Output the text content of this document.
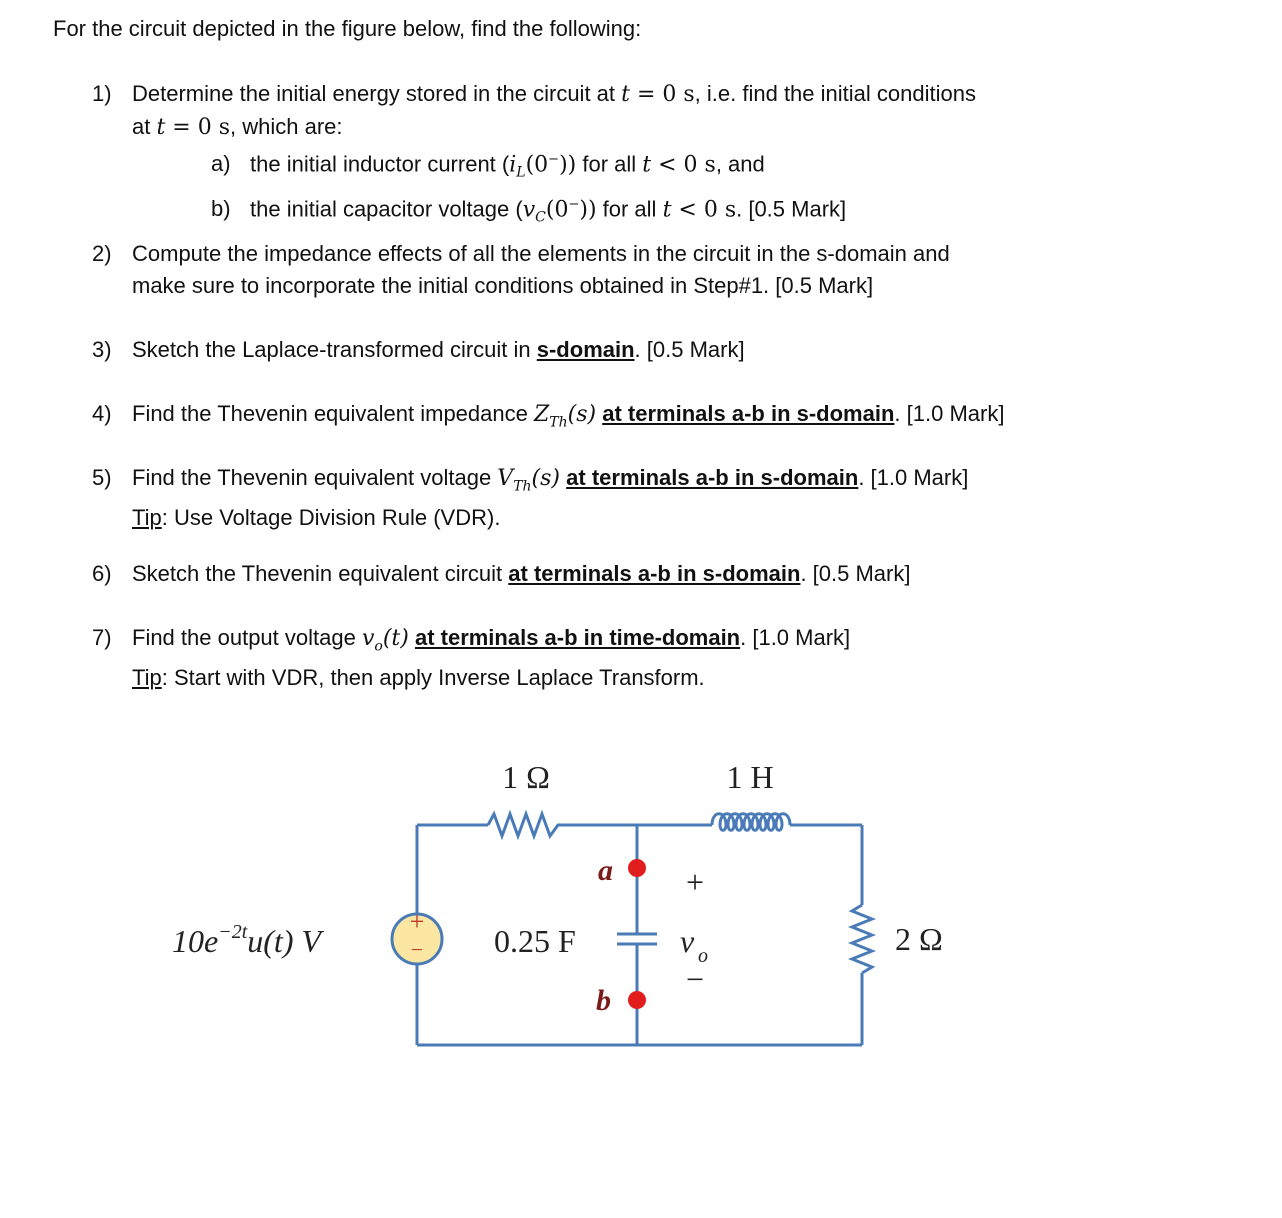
For the circuit depicted in the figure below, find the following:
1) Determine the initial energy stored in the circuit at t = 0 s, i.e. find the initial conditions
at t = 0 s, which are:
a) the initial inductor current $(i_L(0^-))$ for all t < 0 s, and
b) the initial capacitor voltage $(v_C(0^-))$ for all t < 0 s. [0.5 Mark]
2) Compute the impedance effects of all the elements in the circuit in the s-domain and
make sure to incorporate the initial conditions obtained in Step#1. [0.5 Mark]
3) Sketch the Laplace-transformed circuit in s-domain. [0.5 Mark]
4) Find the Thevenin equivalent impedance $Z_{Th}(s)$ at terminals a-b in s-domain. [1.0 Mark]
5) Find the Thevenin equivalent voltage $V_{Th}(s)$ at terminals a-b in s-domain. [1.0 Mark]
Tip: Use Voltage Division Rule (VDR).
6) Sketch the Thevenin equivalent circuit at terminals a-b in s-domain. [0.5 Mark]
7) Find the output voltage $v_o(t)$ at terminals a-b in time-domain. [1.0 Mark]
Tip: Start with VDR, then apply Inverse Laplace Transform.
+
−
1 Ω	1 H
2 Ω
0.25 F
a
b
+
v o
−
$10e^{-2t}u(t)$ V
